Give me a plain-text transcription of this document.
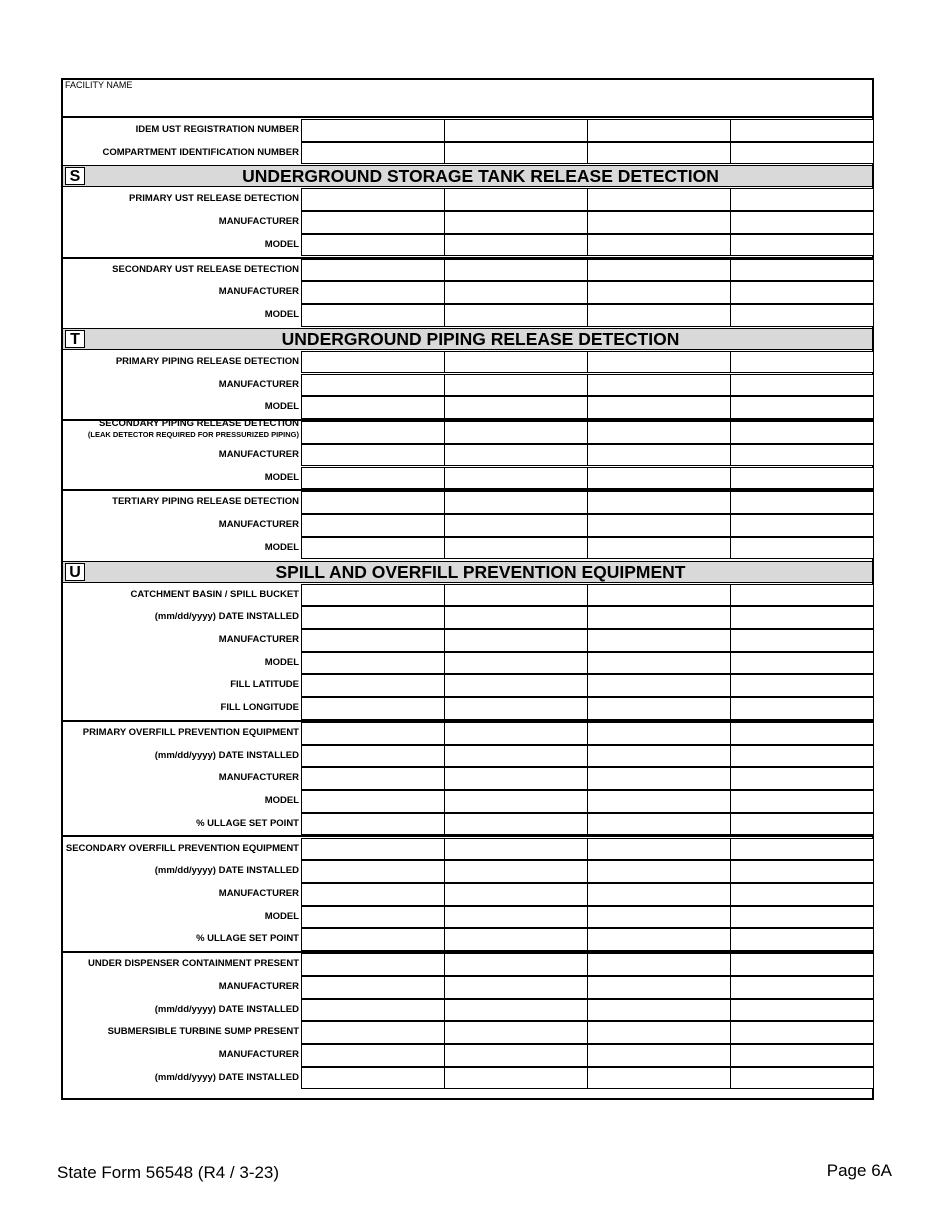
FACILITY NAME
IDEM UST REGISTRATION NUMBER
COMPARTMENT IDENTIFICATION NUMBER
S	UNDERGROUND STORAGE TANK RELEASE DETECTION
PRIMARY UST RELEASE DETECTION
MANUFACTURER
MODEL
SECONDARY UST RELEASE DETECTION
MANUFACTURER
MODEL
T	UNDERGROUND PIPING RELEASE DETECTION
PRIMARY PIPING RELEASE DETECTION
MANUFACTURER
MODEL
SECONDARY PIPING RELEASE DETECTION
(LEAK DETECTOR REQUIRED FOR PRESSURIZED PIPING)
MANUFACTURER
MODEL
TERTIARY PIPING RELEASE DETECTION
MANUFACTURER
MODEL
U	SPILL AND OVERFILL PREVENTION EQUIPMENT
CATCHMENT BASIN / SPILL BUCKET
(mm/dd/yyyy) DATE INSTALLED
MANUFACTURER
MODEL
FILL LATITUDE
FILL LONGITUDE
PRIMARY OVERFILL PREVENTION EQUIPMENT
(mm/dd/yyyy) DATE INSTALLED
MANUFACTURER
MODEL
% ULLAGE SET POINT
SECONDARY OVERFILL PREVENTION EQUIPMENT
(mm/dd/yyyy) DATE INSTALLED
MANUFACTURER
MODEL
% ULLAGE SET POINT
UNDER DISPENSER CONTAINMENT PRESENT
MANUFACTURER
(mm/dd/yyyy) DATE INSTALLED
SUBMERSIBLE TURBINE SUMP PRESENT
MANUFACTURER
(mm/dd/yyyy) DATE INSTALLED
State Form 56548 (R4 / 3-23)	Page 6A
